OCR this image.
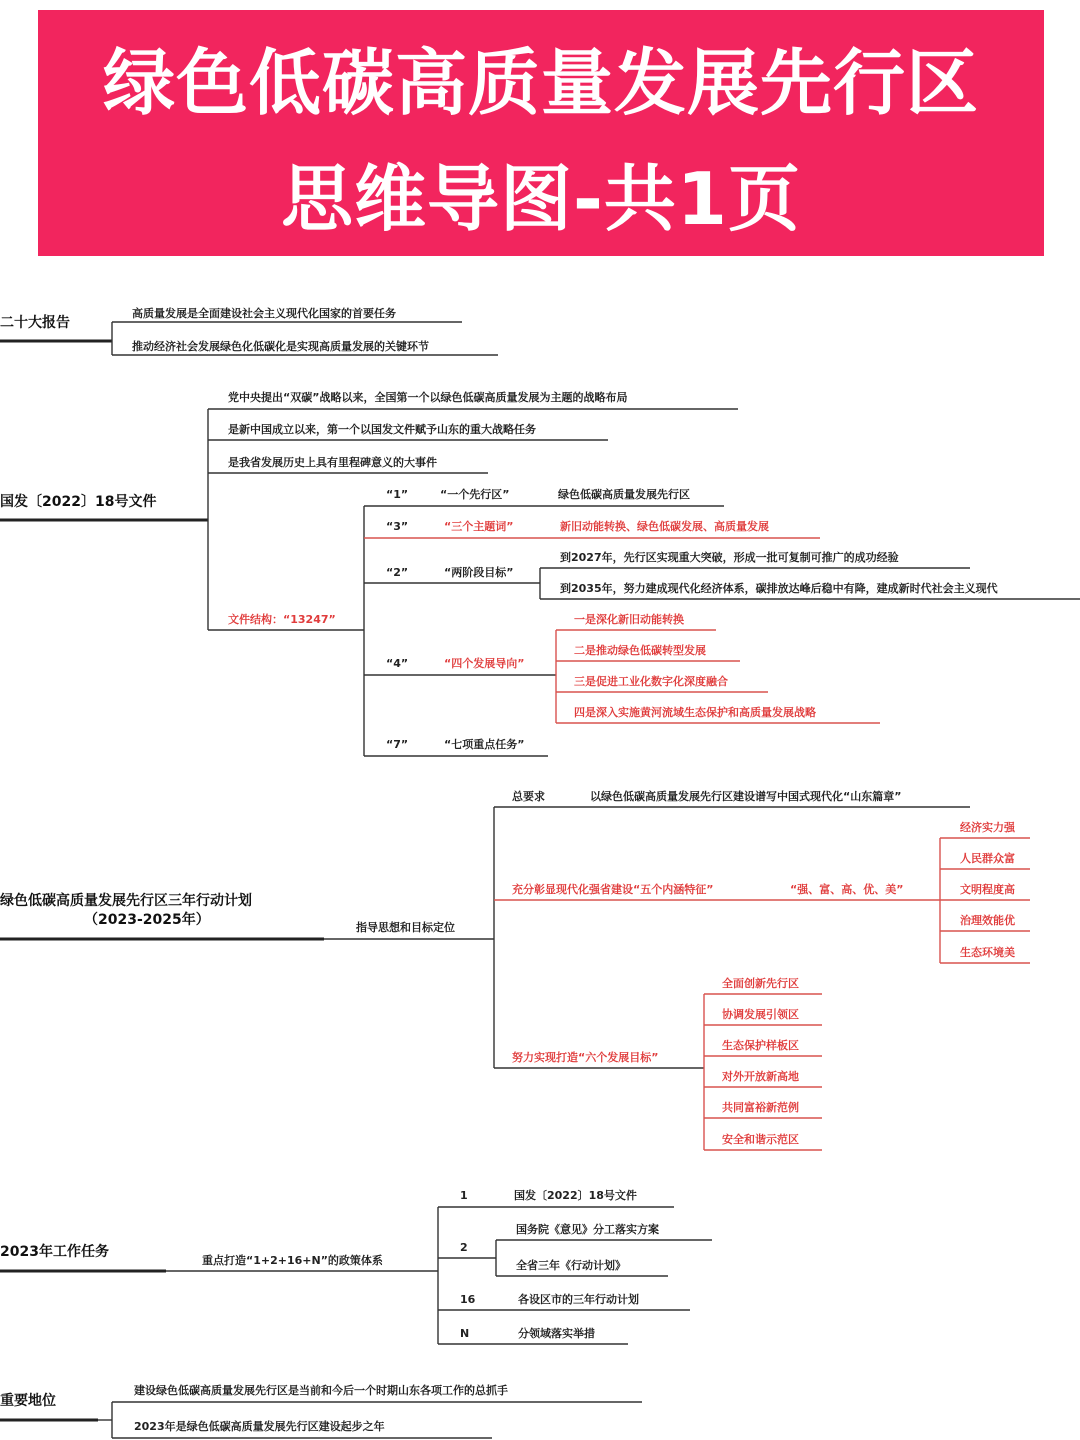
绿色低碳高质量发展先行区
思维导图-共1页
二十大报告
高质量发展是全面建设社会主义现代化国家的首要任务
推动经济社会发展绿色化低碳化是实现高质量发展的关键环节
国发〔2022〕18号文件
党中央提出“双碳”战略以来，全国第一个以绿色低碳高质量发展为主题的战略布局
是新中国成立以来，第一个以国发文件赋予山东的重大战略任务
是我省发展历史上具有里程碑意义的大事件
文件结构：“13247”
“1”	“一个先行区”	绿色低碳高质量发展先行区
“3”	“三个主题词”	新旧动能转换、绿色低碳发展、高质量发展
“2”	“两阶段目标”
到2027年，先行区实现重大突破，形成一批可复制可推广的成功经验
到2035年，努力建成现代化经济体系，碳排放达峰后稳中有降，建成新时代社会主义现代
“4”	“四个发展导向”
一是深化新旧动能转换
二是推动绿色低碳转型发展
三是促进工业化数字化深度融合
四是深入实施黄河流域生态保护和高质量发展战略
“7”	“七项重点任务”
绿色低碳高质量发展先行区三年行动计划
（2023-2025年）	指导思想和目标定位
总要求	以绿色低碳高质量发展先行区建设谱写中国式现代化“山东篇章”
充分彰显现代化强省建设“五个内涵特征”	“强、富、高、优、美”
经济实力强
人民群众富
文明程度高
治理效能优
生态环境美
努力实现打造“六个发展目标”
全面创新先行区
协调发展引领区
生态保护样板区
对外开放新高地
共同富裕新范例
安全和谐示范区
2023年工作任务
重点打造“1+2+16+N”的政策体系
1	国发〔2022〕18号文件
2
国务院《意见》分工落实方案
全省三年《行动计划》
16	各设区市的三年行动计划
N	分领域落实举措
重要地位
建设绿色低碳高质量发展先行区是当前和今后一个时期山东各项工作的总抓手
2023年是绿色低碳高质量发展先行区建设起步之年
